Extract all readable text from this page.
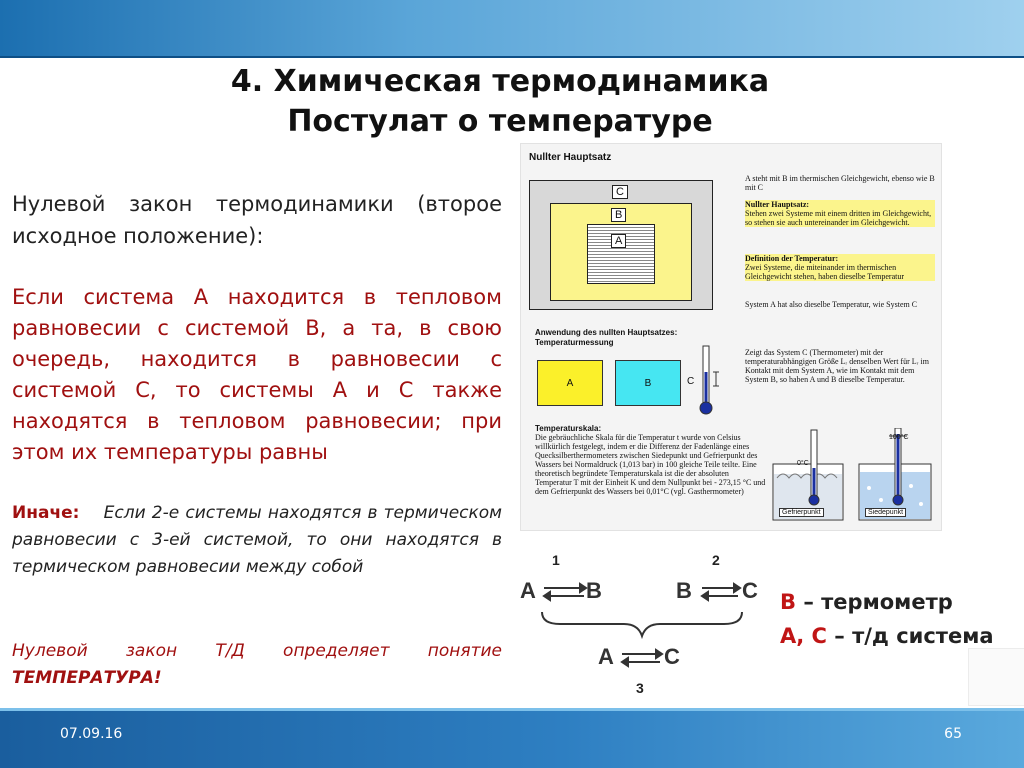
4. Химическая термодинамика
Постулат о температуре
Нулевой закон термодинамики (второе исходное положение):
Если система А находится в тепловом равновесии с системой В, а та, в свою очередь, находится в равновесии с системой С, то системы А и С также находятся в тепловом равновесии; при этом их температуры равны
Иначе: Если 2-е системы находятся в термическом равновесии с 3-ей системой, то они находятся в термическом равновесии между собой
Нулевой закон Т/Д определяет понятие ТЕМПЕРАТУРА!
Nullter Hauptsatz
B
A
C
A steht mit B im thermischen Gleichgewicht, ebenso wie B mit C
Nullter Hauptsatz:
Stehen zwei Systeme mit einem dritten im Gleichgewicht, so stehen sie auch untereinander im Gleichgewicht.
Definition der Temperatur:
Zwei Systeme, die miteinander im thermischen Gleichgewicht stehen, haben dieselbe Temperatur
System A hat also dieselbe Temperatur, wie System C
Anwendung des nullten Hauptsatzes:
Temperaturmessung
A	B	C
Zeigt das System C (Thermometer) mit der temperaturabhängigen Größe Lᵣ denselben Wert für Lᵣ im Kontakt mit dem System A, wie im Kontakt mit dem System B, so haben A und B dieselbe Temperatur.
Temperaturskala:
Die gebräuchliche Skala für die Temperatur t wurde von Celsius willkürlich festgelegt, indem er die Differenz der Fadenlänge eines Quecksilberthermometers zwischen Siedepunkt und Gefrierpunkt des Wassers bei Normaldruck (1,013 bar) in 100 gleiche Teile teilte. Eine theoretisch begründete Temperaturskala ist die der absoluten Temperatur T mit der Einheit K und dem Nullpunkt bei - 273,15 °C und dem Gefrierpunkt des Wassers bei 0,01°C (vgl. Gasthermometer)
0°C
100°C
Gefrierpunkt	Siedepunkt
1	2
A B	B C
A C
3
В – термометр
А, С – т/д система
07.09.16	65
